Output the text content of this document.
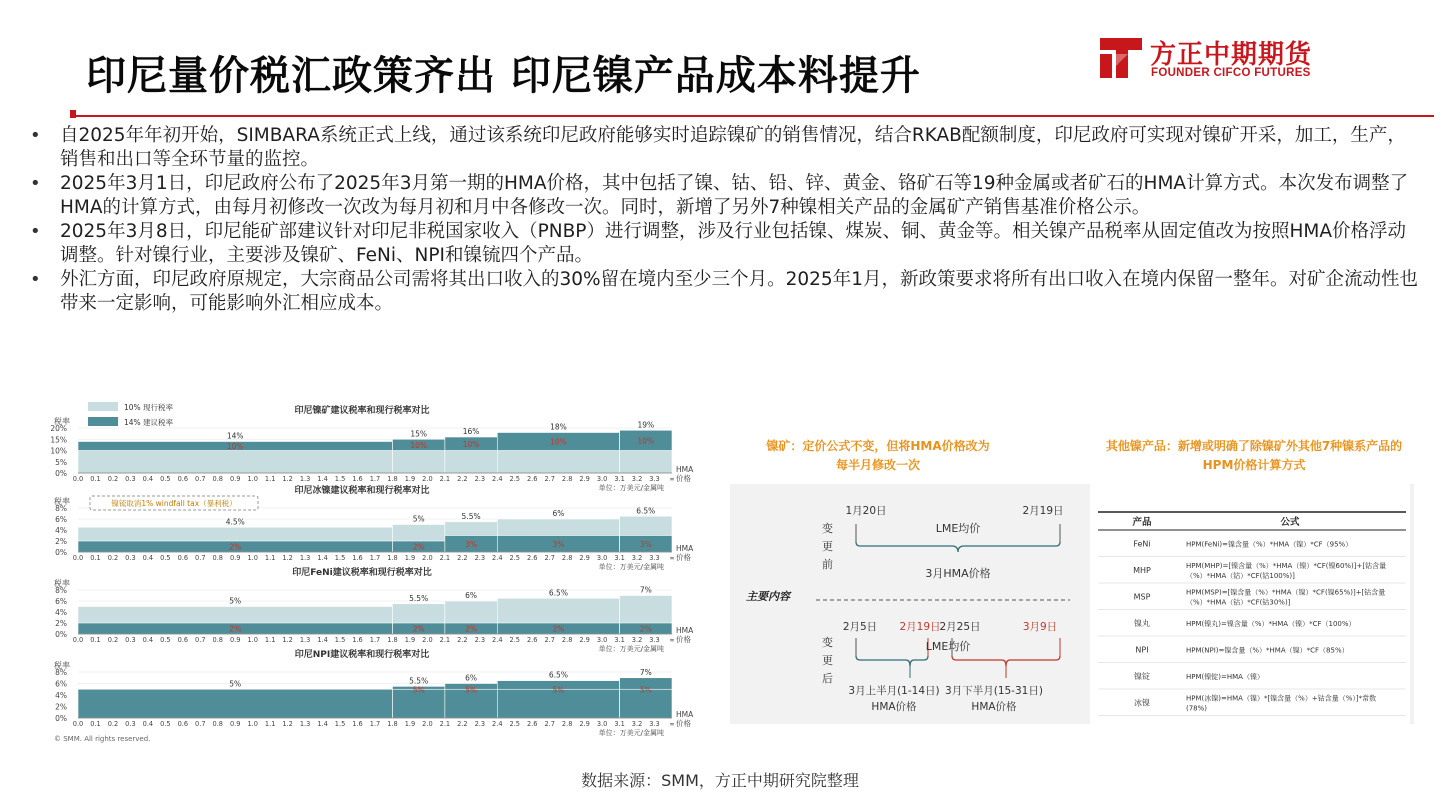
印尼量价税汇政策齐出 印尼镍产品成本料提升	方正中期期货
FOUNDER CIFCO FUTURES
• 自2025年年初开始，SIMBARA系统正式上线，通过该系统印尼政府能够实时追踪镍矿的销售情况，结合RKAB配额制度，印尼政府可实现对镍矿开采，加工，生产，销售和出口等全环节量的监控。
• 2025年3月1日，印尼政府公布了2025年3月第一期的HMA价格，其中包括了镍、钴、铅、锌、黄金、铬矿石等19种金属或者矿石的HMA计算方式。本次发布调整了HMA的计算方式，由每月初修改一次改为每月初和月中各修改一次。同时，新增了另外7种镍相关产品的金属矿产销售基准价格公示。
• 2025年3月8日，印尼能矿部建议针对印尼非税国家收入（PNBP）进行调整，涉及行业包括镍、煤炭、铜、黄金等。相关镍产品税率从固定值改为按照HMA价格浮动调整。针对镍行业，主要涉及镍矿、FeNi、NPI和镍锍四个产品。
• 外汇方面，印尼政府原规定，大宗商品公司需将其出口收入的30%留在境内至少三个月。2025年1月，新政策要求将所有出口收入在境内保留一整年。对矿企流动性也带来一定影响，可能影响外汇相应成本。
印尼镍矿建议税率和现行税率对比
税率
0%
5%
10%
15%
20%
14%
10%
15%
10%
16%
10%
18%
10%
19%
10%
0.0 0.1 0.2 0.3 0.4 0.5 0.6 0.7 0.8 0.9 1.0 1.1 1.2 1.3 1.4 1.5 1.6 1.7 1.8 1.9 2.0 2.1 2.2 2.3 2.4 2.5 2.6 2.7 2.8 2.9 3.0 3.1 3.2 3.3 ∞
HMA
价格
单位：万美元/金属吨
10% 现行税率
14% 建议税率
印尼冰镍建议税率和现行税率对比
税率
0%
2%
4%
6%
8%
4.5%
2%
5%
2%
5.5%
3%
6%
3%
6.5%
3%
0.0 0.1 0.2 0.3 0.4 0.5 0.6 0.7 0.8 0.9 1.0 1.1 1.2 1.3 1.4 1.5 1.6 1.7 1.8 1.9 2.0 2.1 2.2 2.3 2.4 2.5 2.6 2.7 2.8 2.9 3.0 3.1 3.2 3.3 ∞
HMA
价格
单位：万美元/金属吨
镍锍取消1% windfall tax（暴利税）
印尼FeNi建议税率和现行税率对比
税率
0%
2%
4%
6%
8%
5%
2%
5.5%
2%
6%
2%
6.5%
2%
7%
2%
0.0 0.1 0.2 0.3 0.4 0.5 0.6 0.7 0.8 0.9 1.0 1.1 1.2 1.3 1.4 1.5 1.6 1.7 1.8 1.9 2.0 2.1 2.2 2.3 2.4 2.5 2.6 2.7 2.8 2.9 3.0 3.1 3.2 3.3 ∞
HMA
价格
单位：万美元/金属吨
印尼NPI建议税率和现行税率对比
税率
0%
2%
4%
6%
8%
5%	5.5%
5%
6%
5%
6.5%
5%
7%
5%
0.0 0.1 0.2 0.3 0.4 0.5 0.6 0.7 0.8 0.9 1.0 1.1 1.2 1.3 1.4 1.5 1.6 1.7 1.8 1.9 2.0 2.1 2.2 2.3 2.4 2.5 2.6 2.7 2.8 2.9 3.0 3.1 3.2 3.3 ∞
HMA
价格
单位：万美元/金属吨
© SMM. All rights reserved.
镍矿：定价公式不变，但将HMA价格改为
每半月修改一次
其他镍产品：新增或明确了除镍矿外其他7种镍系产品的
HPM价格计算方式
变更前
1月20日	2月19日
LME均价
3月HMA价格
主要内容
变更后
2月5日 2月19日
2月25日	3月9日
LME均价
3月上半月(1-14日)
HMA价格
3月下半月(15-31日)
HMA价格
产品	公式
FeNi	HPM(FeNi)=镍含量（%）*HMA（镍）*CF（95%）
MHP	HPM(MHP)=[镍含量（%）*HMA（镍）*CF(镍60%)]+[钴含量
（%）*HMA（钴）*CF(钴100%)]
MSP	HPM(MSP)=[镍含量（%）*HMA（镍）*CF(镍65%)]+[钴含量
（%）*HMA（钴）*CF(钴30%)]
镍丸	HPM(镍丸)=镍含量（%）*HMA（镍）*CF（100%）
NPI	HPM(NPI)=镍含量（%）*HMA（镍）*CF（85%）
镍锭	HPM(镍锭)=HMA（镍）
冰镍	HPM(冰镍)=HMA（镍）*[镍含量（%）+钴含量（%）]*常数
(78%)
数据来源：SMM，方正中期研究院整理
